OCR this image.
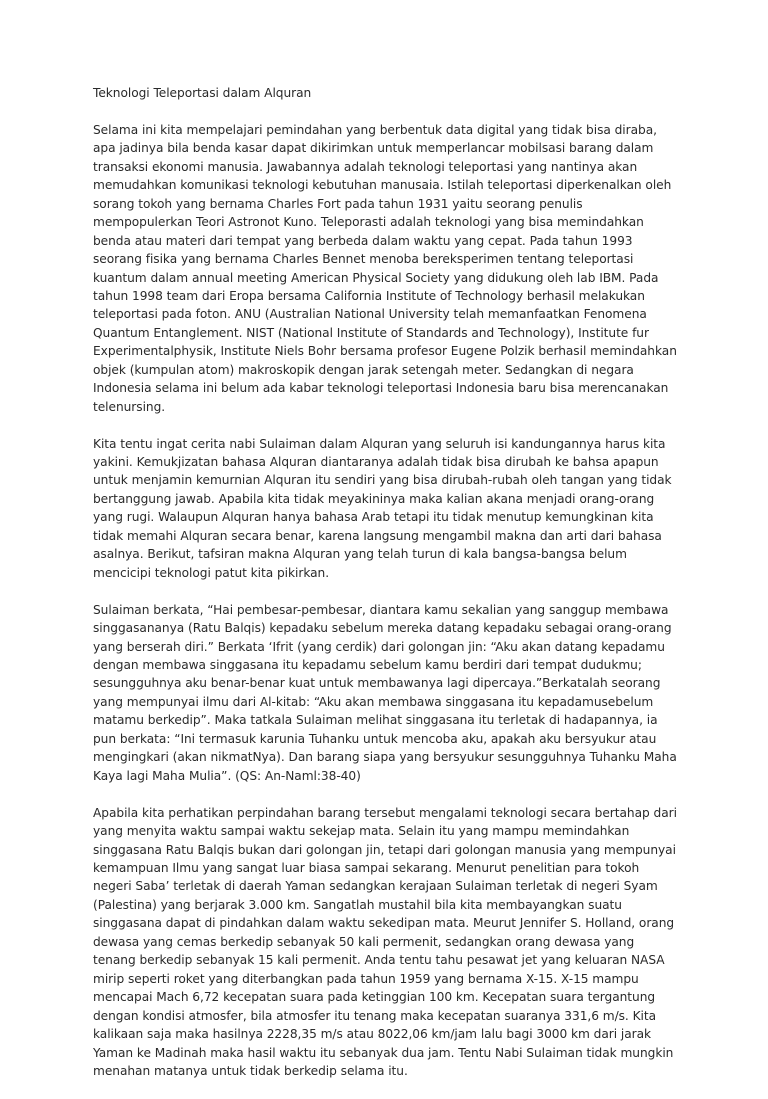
Teknologi Teleportasi dalam Alquran

Selama ini kita mempelajari pemindahan yang berbentuk data digital yang tidak bisa diraba, apa jadinya bila benda kasar dapat dikirimkan untuk memperlancar mobilsasi barang dalam transaksi ekonomi manusia. Jawabannya adalah teknologi teleportasi yang nantinya akan memudahkan komunikasi teknologi kebutuhan manusaia. Istilah teleportasi diperkenalkan oleh sorang tokoh yang bernama Charles Fort pada tahun 1931 yaitu seorang penulis mempopulerkan Teori Astronot Kuno. Teleporasti adalah teknologi yang bisa memindahkan benda atau materi dari tempat yang berbeda dalam waktu yang cepat. Pada tahun 1993 seorang fisika yang bernama Charles Bennet menoba bereksperimen tentang teleportasi kuantum dalam annual meeting American Physical Society yang didukung oleh lab IBM. Pada tahun 1998 team dari Eropa bersama California Institute of Technology berhasil melakukan teleportasi pada foton. ANU (Australian National University telah memanfaatkan Fenomena Quantum Entanglement. NIST (National Institute of Standards and Technology), Institute fur Experimentalphysik, Institute Niels Bohr bersama profesor Eugene Polzik berhasil memindahkan objek (kumpulan atom) makroskopik dengan jarak setengah meter. Sedangkan di negara Indonesia selama ini belum ada kabar teknologi teleportasi Indonesia baru bisa merencanakan telenursing.

Kita tentu ingat cerita nabi Sulaiman dalam Alquran yang seluruh isi kandungannya harus kita yakini. Kemukjizatan bahasa Alquran diantaranya adalah tidak bisa dirubah ke bahsa apapun untuk menjamin kemurnian Alquran itu sendiri yang bisa dirubah-rubah oleh tangan yang tidak bertanggung jawab. Apabila kita tidak meyakininya maka kalian akana menjadi orang-orang yang rugi. Walaupun Alquran hanya bahasa Arab tetapi itu tidak menutup kemungkinan kita tidak memahi Alquran secara benar, karena langsung mengambil makna dan arti dari bahasa asalnya. Berikut, tafsiran makna Alquran yang telah turun di kala bangsa-bangsa belum mencicipi teknologi patut kita pikirkan.

Sulaiman berkata, “Hai pembesar-pembesar, diantara kamu sekalian yang sanggup membawa singgasananya (Ratu Balqis) kepadaku sebelum mereka datang kepadaku sebagai orang-orang yang berserah diri.” Berkata ‘Ifrit (yang cerdik) dari golongan jin: “Aku akan datang kepadamu dengan membawa singgasana itu kepadamu sebelum kamu berdiri dari tempat dudukmu; sesungguhnya aku benar-benar kuat untuk membawanya lagi dipercaya.”Berkatalah seorang yang mempunyai ilmu dari Al-kitab: “Aku akan membawa singgasana itu kepadamusebelum matamu berkedip”. Maka tatkala Sulaiman melihat singgasana itu terletak di hadapannya, ia pun berkata: “Ini termasuk karunia Tuhanku untuk mencoba aku, apakah aku bersyukur atau mengingkari (akan nikmatNya). Dan barang siapa yang bersyukur sesungguhnya Tuhanku Maha Kaya lagi Maha Mulia”. (QS: An-Naml:38-40)

Apabila kita perhatikan perpindahan barang tersebut mengalami teknologi secara bertahap dari yang menyita waktu sampai waktu sekejap mata. Selain itu yang mampu memindahkan singgasana Ratu Balqis bukan dari golongan jin, tetapi dari golongan manusia yang mempunyai kemampuan Ilmu yang sangat luar biasa sampai sekarang. Menurut penelitian para tokoh negeri Saba’ terletak di daerah Yaman sedangkan kerajaan Sulaiman terletak di negeri Syam (Palestina) yang berjarak 3.000 km. Sangatlah mustahil bila kita membayangkan suatu singgasana dapat di pindahkan dalam waktu sekedipan mata. Meurut Jennifer S. Holland, orang dewasa yang cemas berkedip sebanyak 50 kali permenit, sedangkan orang dewasa yang tenang berkedip sebanyak 15 kali permenit. Anda tentu tahu pesawat jet yang keluaran NASA mirip seperti roket yang diterbangkan pada tahun 1959 yang bernama X-15. X-15 mampu mencapai Mach 6,72 kecepatan suara pada ketinggian 100 km. Kecepatan suara tergantung dengan kondisi atmosfer, bila atmosfer itu tenang maka kecepatan suaranya 331,6 m/s. Kita kalikaan saja maka hasilnya 2228,35 m/s atau 8022,06 km/jam lalu bagi 3000 km dari jarak Yaman ke Madinah maka hasil waktu itu sebanyak dua jam. Tentu Nabi Sulaiman tidak mungkin menahan matanya untuk tidak berkedip selama itu.
